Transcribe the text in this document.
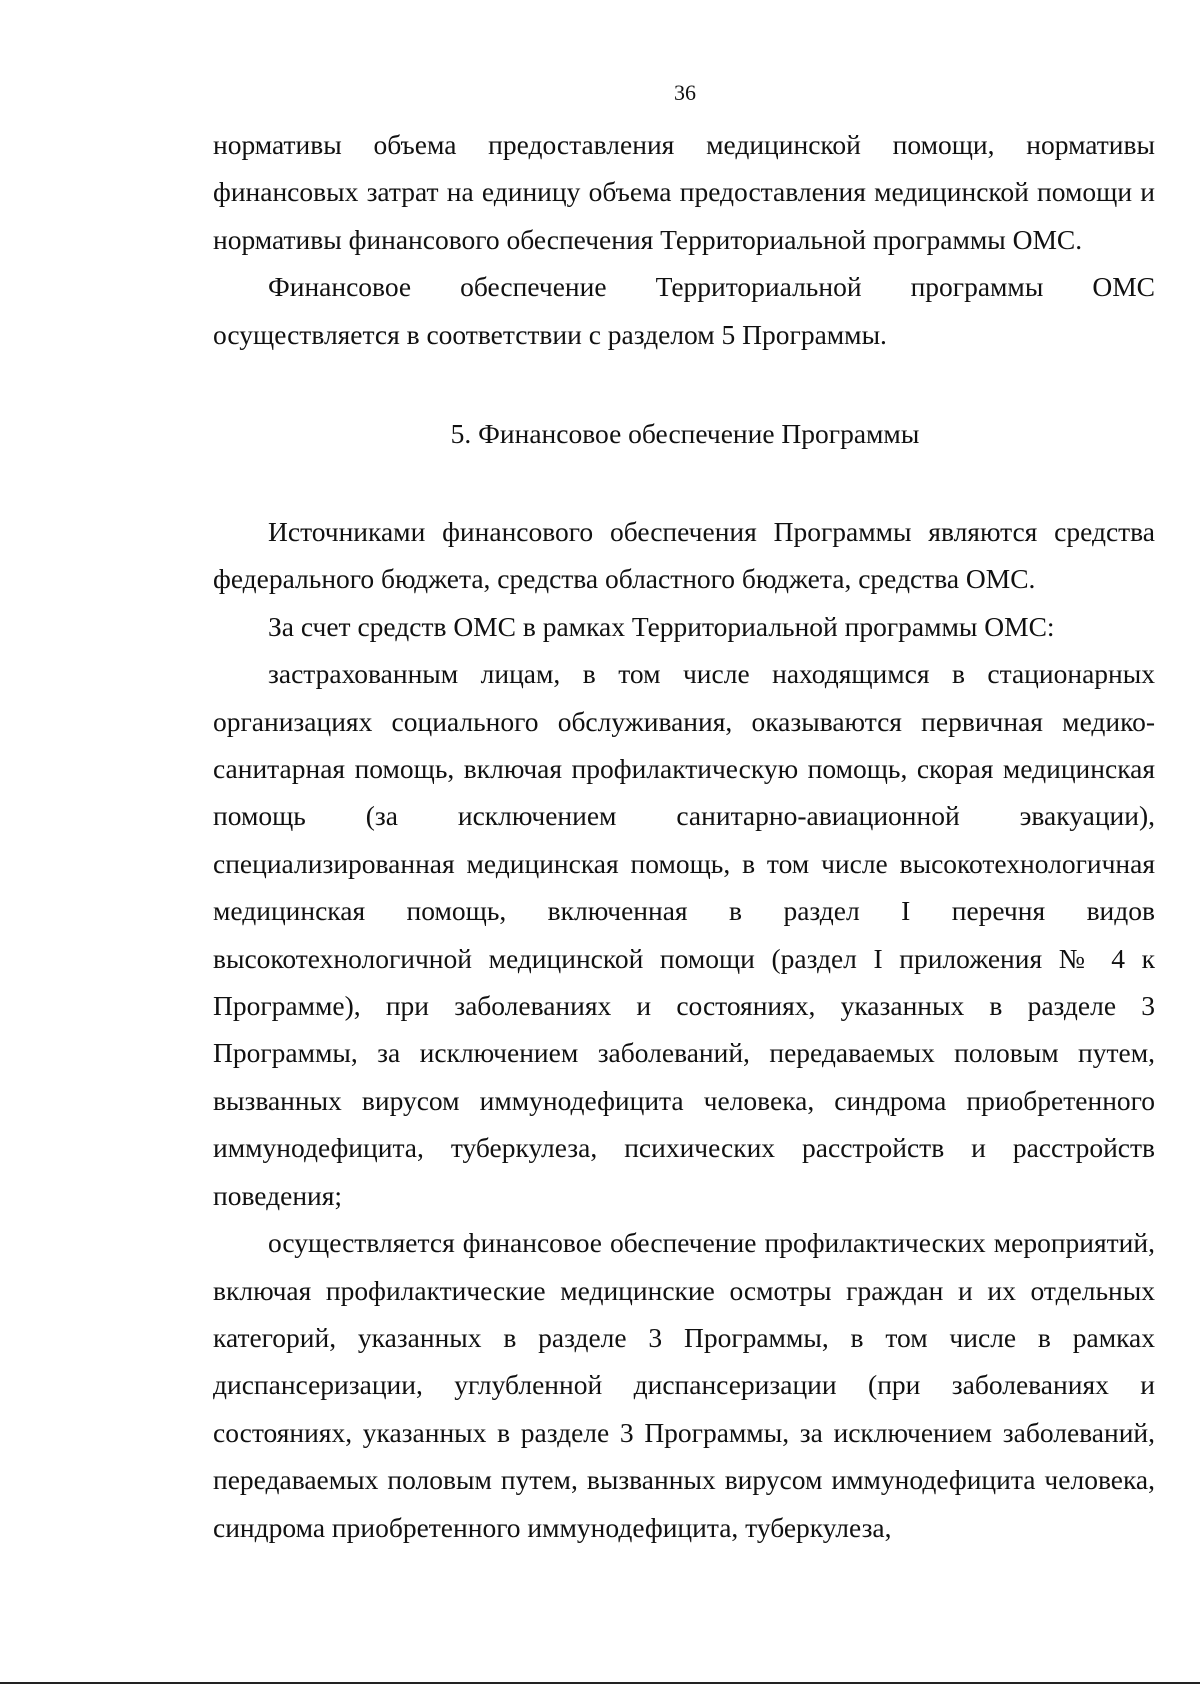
36

нормативы объема предоставления медицинской помощи, нормативы финансовых затрат на единицу объема предоставления медицинской помощи и нормативы финансового обеспечения Территориальной программы ОМС.

Финансовое обеспечение Территориальной программы ОМС осуществляется в соответствии с разделом 5 Программы.

5. Финансовое обеспечение Программы

Источниками финансового обеспечения Программы являются средства федерального бюджета, средства областного бюджета, средства ОМС.

За счет средств ОМС в рамках Территориальной программы ОМС:

застрахованным лицам, в том числе находящимся в стационарных организациях социального обслуживания, оказываются первичная медико-санитарная помощь, включая профилактическую помощь, скорая медицинская помощь (за исключением санитарно-авиационной эвакуации), специализированная медицинская помощь, в том числе высокотехнологичная медицинская помощь, включенная в раздел I перечня видов высокотехнологичной медицинской помощи (раздел I приложения № 4 к Программе), при заболеваниях и состояниях, указанных в разделе 3 Программы, за исключением заболеваний, передаваемых половым путем, вызванных вирусом иммунодефицита человека, синдрома приобретенного иммунодефицита, туберкулеза, психических расстройств и расстройств поведения;

осуществляется финансовое обеспечение профилактических мероприятий, включая профилактические медицинские осмотры граждан и их отдельных категорий, указанных в разделе 3 Программы, в том числе в рамках диспансеризации, углубленной диспансеризации (при заболеваниях и состояниях, указанных в разделе 3 Программы, за исключением заболеваний, передаваемых половым путем, вызванных вирусом иммунодефицита человека, синдрома приобретенного иммунодефицита, туберкулеза,
